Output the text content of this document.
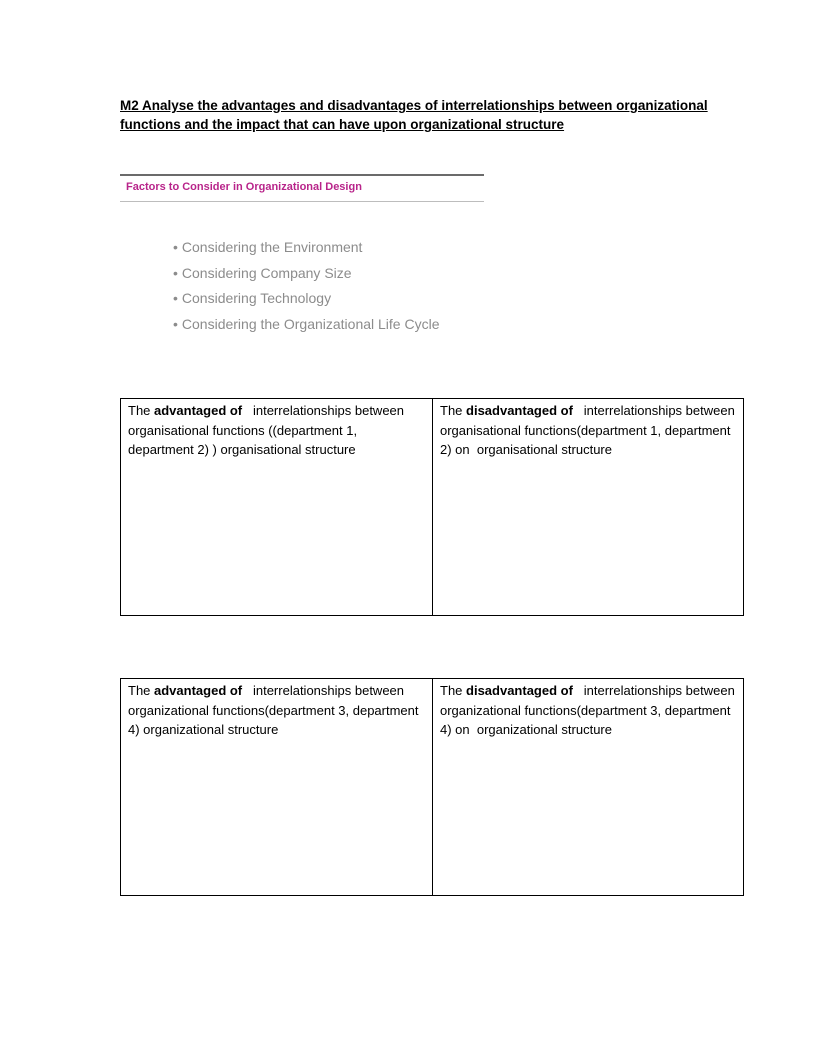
M2 Analyse the advantages and disadvantages of interrelationships between organizational
functions and the impact that can have upon organizational structure
Factors to Consider in Organizational Design
• Considering the Environment
• Considering Company Size
• Considering Technology
• Considering the Organizational Life Cycle
The advantaged of   interrelationships between organisational functions ((department 1, department 2) ) organisational structure
The disadvantaged of   interrelationships between organisational functions(department 1, department 2) on  organisational structure
The advantaged of   interrelationships between organizational functions(department 3, department 4) organizational structure
The disadvantaged of   interrelationships between organizational functions(department 3, department 4) on  organizational structure
